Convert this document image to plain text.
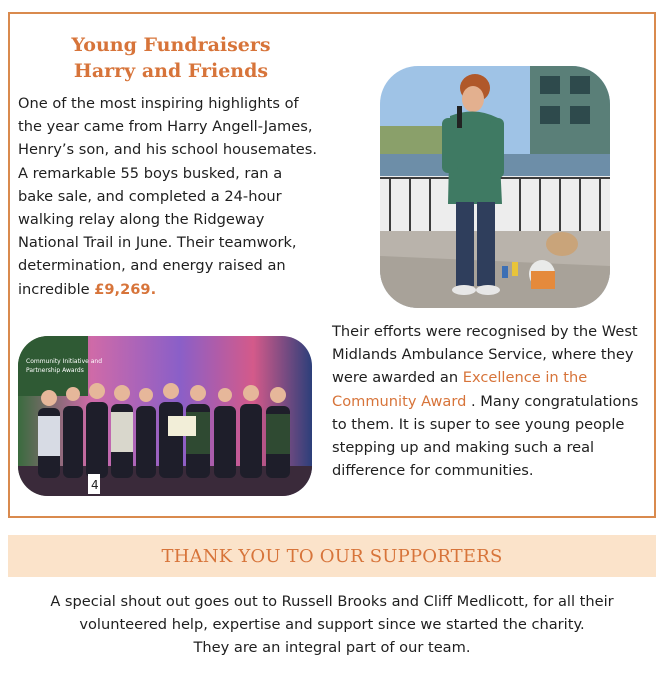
Young Fundraisers
Harry and Friends
One of the most inspiring highlights of the year came from Harry Angell-James, Henry’s son, and his school housemates. A remarkable 55 boys busked, ran a bake sale, and completed a 24-hour walking relay along the Ridgeway National Trail in June. Their teamwork, determination, and energy raised an incredible £9,269.
Community Initiative and
Partnership Awards
4
Their efforts were recognised by the West Midlands Ambulance Service, where they were awarded an Excellence in the Community Award . Many congratulations to them. It is super to see young people stepping up and making such a real difference for communities.
THANK YOU TO OUR SUPPORTERS
A special shout out goes out to Russell Brooks and Cliff Medlicott, for all their
volunteered help, expertise and support since we started the charity.
They are an integral part of our team.
